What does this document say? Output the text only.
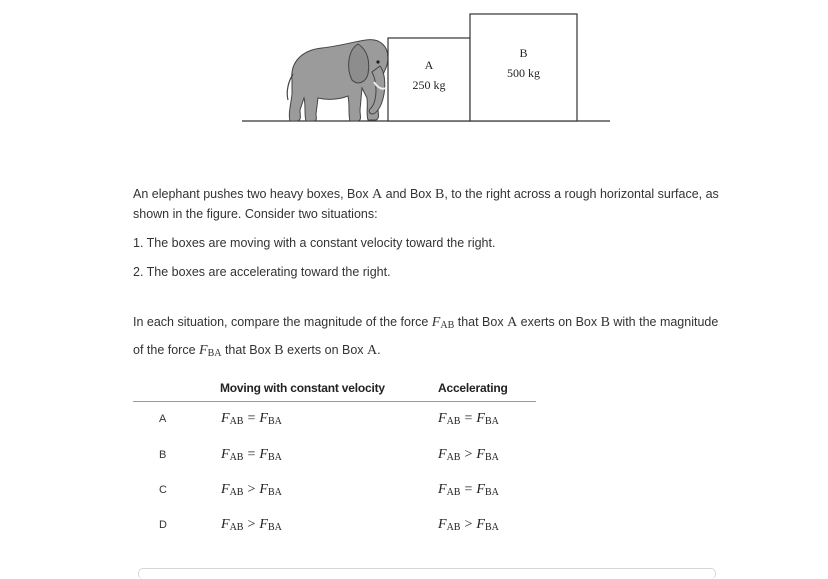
A
250 kg
B
500 kg
An elephant pushes two heavy boxes, Box A and Box B, to the right across a rough horizontal surface, as
shown in the figure. Consider two situations:
1. The boxes are moving with a constant velocity toward the right.
2. The boxes are accelerating toward the right.
In each situation, compare the magnitude of the force $F_{AB}$ that Box A exerts on Box B with the magnitude
of the force $F_{BA}$ that Box B exerts on Box A.
Moving with constant velocity	Accelerating
A	FAB = FBA	FAB = FBA
B	FAB = FBA	FAB > FBA
C	FAB > FBA	FAB = FBA
D	FAB > FBA	FAB > FBA
